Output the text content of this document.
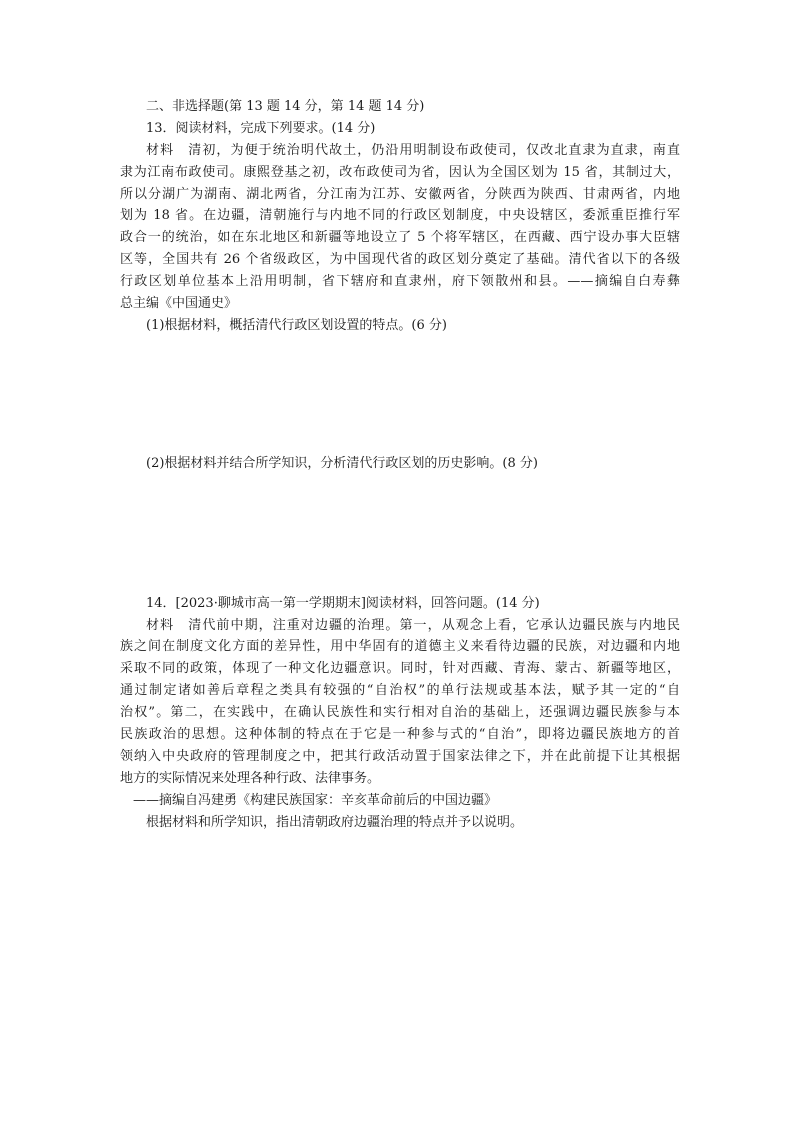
二、非选择题(第 13 题 14 分，第 14 题 14 分)
13．阅读材料，完成下列要求。(14 分)
材料　清初，为便于统治明代故土，仍沿用明制设布政使司，仅改北直隶为直隶，南直
隶为江南布政使司。康熙登基之初，改布政使司为省，因认为全国区划为 15 省，其制过大，
所以分湖广为湖南、湖北两省，分江南为江苏、安徽两省，分陕西为陕西、甘肃两省，内地
划为 18 省。在边疆，清朝施行与内地不同的行政区划制度，中央设辖区，委派重臣推行军
政合一的统治，如在东北地区和新疆等地设立了 5 个将军辖区，在西藏、西宁设办事大臣辖
区等，全国共有 26 个省级政区，为中国现代省的政区划分奠定了基础。清代省以下的各级
行政区划单位基本上沿用明制，省下辖府和直隶州，府下领散州和县。——摘编自白寿彝
总主编《中国通史》
(1)根据材料，概括清代行政区划设置的特点。(6 分)
(2)根据材料并结合所学知识，分析清代行政区划的历史影响。(8 分)
14．[2023·聊城市高一第一学期期末]阅读材料，回答问题。(14 分)
材料　清代前中期，注重对边疆的治理。第一，从观念上看，它承认边疆民族与内地民
族之间在制度文化方面的差异性，用中华固有的道德主义来看待边疆的民族，对边疆和内地
采取不同的政策，体现了一种文化边疆意识。同时，针对西藏、青海、蒙古、新疆等地区，
通过制定诸如善后章程之类具有较强的“自治权”的单行法规或基本法，赋予其一定的“自
治权”。第二，在实践中，在确认民族性和实行相对自治的基础上，还强调边疆民族参与本
民族政治的思想。这种体制的特点在于它是一种参与式的“自治”，即将边疆民族地方的首
领纳入中央政府的管理制度之中，把其行政活动置于国家法律之下，并在此前提下让其根据
地方的实际情况来处理各种行政、法律事务。
——摘编自冯建勇《构建民族国家：辛亥革命前后的中国边疆》
根据材料和所学知识，指出清朝政府边疆治理的特点并予以说明。
